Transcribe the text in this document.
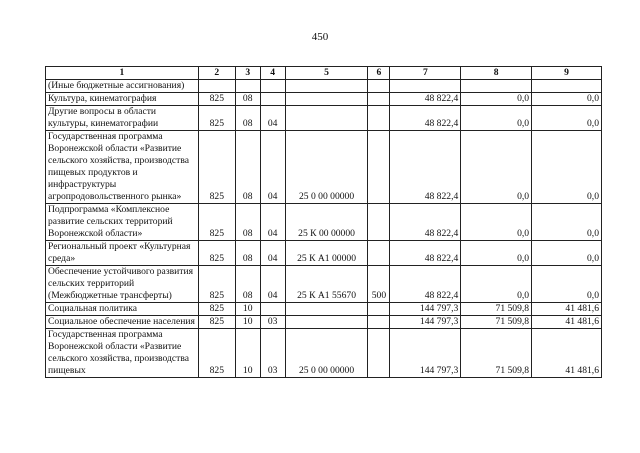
450
1	2	3	4	5	6	7	8	9
(Иные бюджетные ассигнования)								
Культура, кинематография	825	08				48 822,4	0,0	0,0
Другие вопросы в области культуры, кинематографии	825	08	04			48 822,4	0,0	0,0
Государственная программа Воронежской области «Развитие сельского хозяйства, производства пищевых продуктов и инфраструктуры агропродовольственного рынка»	825	08	04	25 0 00 00000		48 822,4	0,0	0,0
Подпрограмма «Комплексное развитие сельских территорий Воронежской области»	825	08	04	25 К 00 00000		48 822,4	0,0	0,0
Региональный проект «Культурная среда»	825	08	04	25 К А1 00000		48 822,4	0,0	0,0
Обеспечение устойчивого развития сельских территорий (Межбюджетные трансферты)	825	08	04	25 К А1 55670	500	48 822,4	0,0	0,0
Социальная политика	825	10				144 797,3	71 509,8	41 481,6
Социальное обеспечение населения	825	10	03			144 797,3	71 509,8	41 481,6
Государственная программа Воронежской области «Развитие сельского хозяйства, производства пищевых	825	10	03	25 0 00 00000		144 797,3	71 509,8	41 481,6
